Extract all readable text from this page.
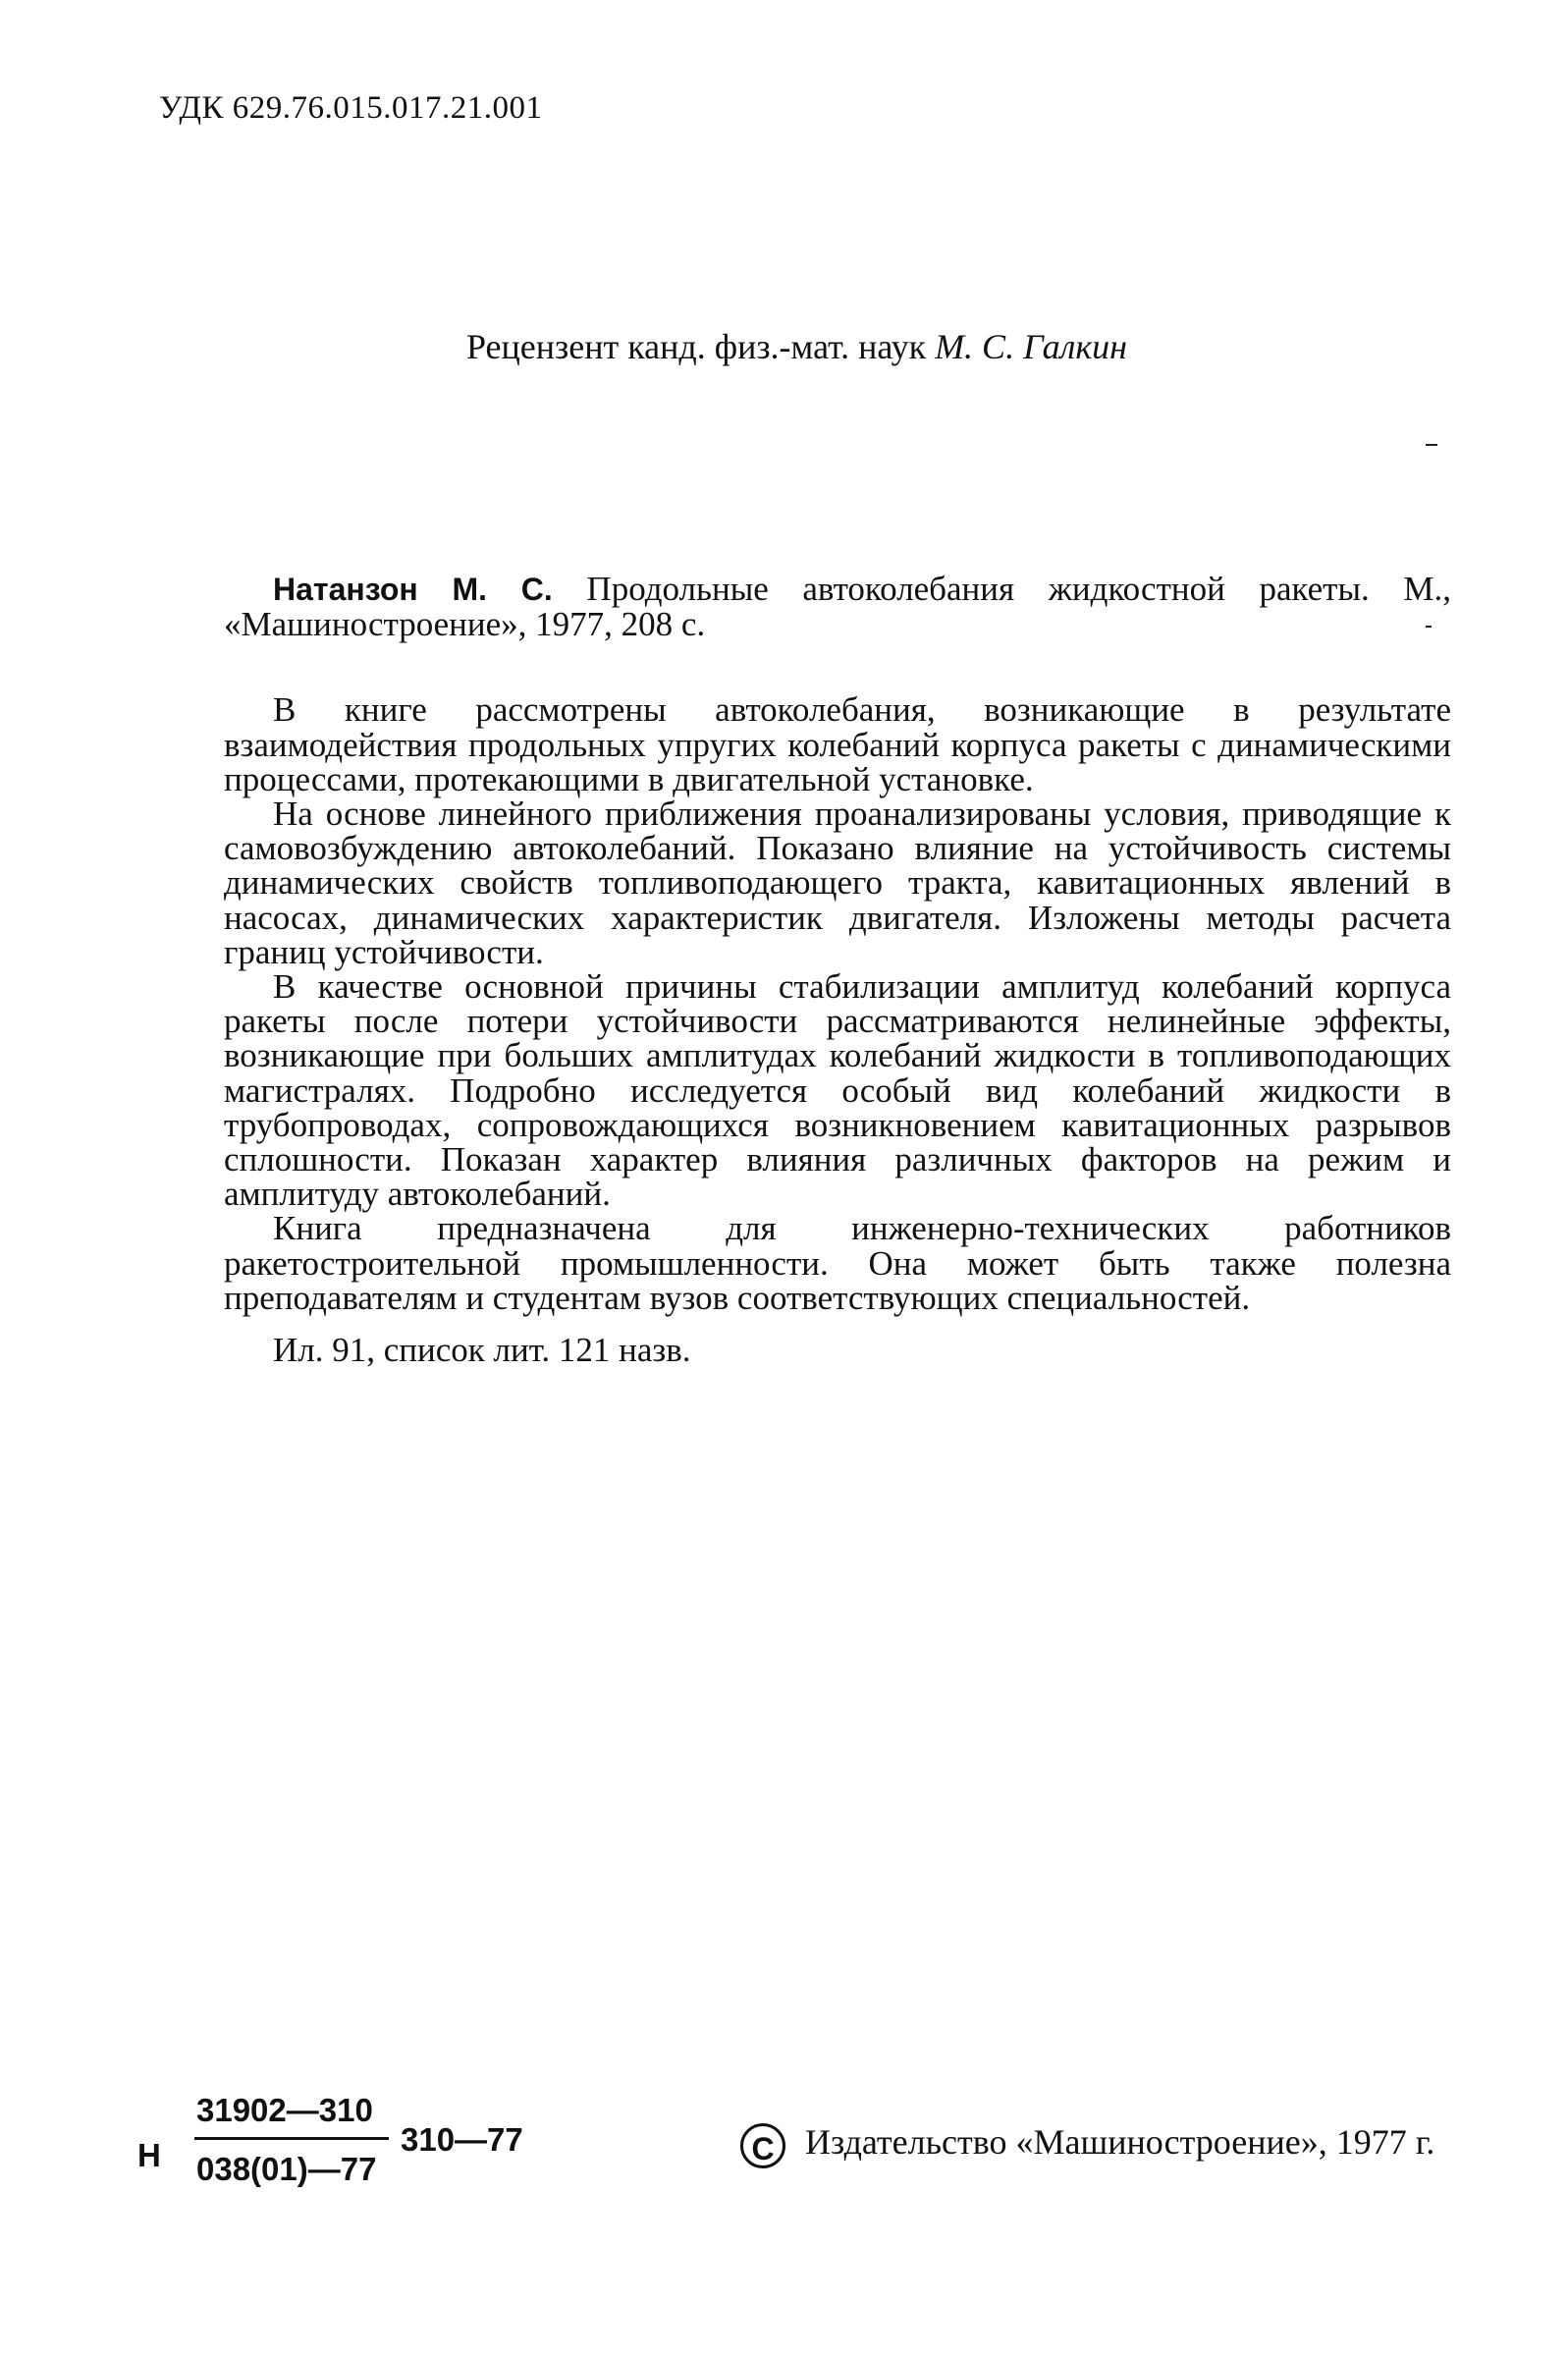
УДК 629.76.015.017.21.001
Рецензент канд. физ.-мат. наук М. С. Галкин

Натанзон М. С. Продольные автоколебания жидкостной ракеты. М., «Машиностроение», 1977, 208 с.

В книге рассмотрены автоколебания, возникающие в результате взаимодействия продольных упругих колебаний корпуса ракеты с динамическими процессами, протекающими в двигательной установке.

На основе линейного приближения проанализированы условия, приводящие к самовозбуждению автоколебаний. Показано влияние на устойчивость системы динамических свойств топливоподающего тракта, кавитационных явлений в насосах, динамических характеристик двигателя. Изложены методы расчета границ устойчивости.

В качестве основной причины стабилизации амплитуд колебаний корпуса ракеты после потери устойчивости рассматриваются нелинейные эффекты, возникающие при больших амплитудах колебаний жидкости в топливоподающих магистралях. Подробно исследуется особый вид колебаний жидкости в трубопроводах, сопровождающихся возникновением кавитационных разрывов сплошности. Показан характер влияния различных факторов на режим и амплитуду автоколебаний.

Книга предназначена для инженерно-технических работников ракетостроительной промышленности. Она может быть также полезна преподавателям и студентам вузов соответствующих специальностей.

Ил. 91, список лит. 121 назв.

Н
31902—310
038(01)—77
310—77	C Издательство «Машиностроение», 1977 г.
